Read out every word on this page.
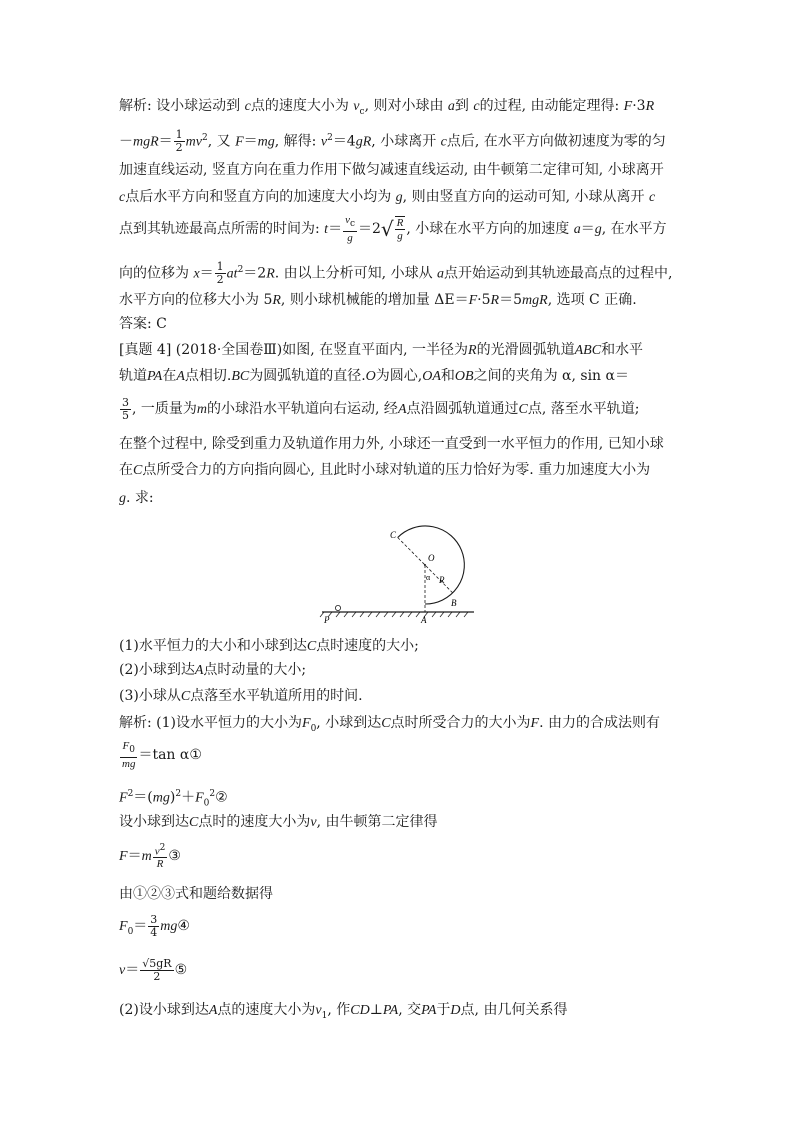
解析: 设小球运动到 c点的速度大小为 $v_c$, 则对小球由 a到 c的过程, 由动能定理得: F·3R
$-mgR= \frac{1}{2} mv^2$, 又 F＝mg, 解得: $v^2=4gR$, 小球离开 c点后, 在水平方向做初速度为零的匀
加速直线运动, 竖直方向在重力作用下做匀减速直线运动, 由牛顿第二定律可知, 小球离开
c点后水平方向和竖直方向的加速度大小均为 g, 则由竖直方向的运动可知, 小球从离开 c
点到其轨迹最高点所需的时间为: $t= \frac{v_c}{g} =2√ \frac{R}{g}$ , 小球在水平方向的加速度 a＝g, 在水平方
向的位移为 $x= \frac{1}{2} at^2=2R$. 由以上分析可知, 小球从 a点开始运动到其轨迹最高点的过程中,
水平方向的位移大小为 5R, 则小球机械能的增加量 ΔE＝F·5R＝5mgR, 选项 C 正确.
答案: C
[真题 4] (2018·全国卷Ⅲ)如图, 在竖直平面内, 一半径为R的光滑圆弧轨道ABC和水平
轨道PA在A点相切.BC为圆弧轨道的直径.O为圆心,OA和OB之间的夹角为 α, sin α＝
$\frac{3}{5}$ , 一质量为m的小球沿水平轨道向右运动, 经A点沿圆弧轨道通过C点, 落至水平轨道;
在整个过程中, 除受到重力及轨道作用力外, 小球还一直受到一水平恒力的作用, 已知小球
在C点所受合力的方向指向圆心, 且此时小球对轨道的压力恰好为零. 重力加速度大小为
g. 求:
C
O
α R
B
P	A
(1)水平恒力的大小和小球到达C点时速度的大小;
(2)小球到达A点时动量的大小;
(3)小球从C点落至水平轨道所用的时间.
解析: (1)设水平恒力的大小为$F_0$, 小球到达C点时所受合力的大小为F. 由力的合成法则有
$\frac{F_0}{mg} =\tan$ α①
$F^2=(mg)^2+F_0^2②$
设小球到达C点时的速度大小为v, 由牛顿第二定律得
$F=m \frac{v^2}{R}$ ③
由①②③式和题给数据得
$F_0= \frac{3}{4}$ mg④
$v= \frac{√5gR}{2}$ ⑤
(2)设小球到达A点的速度大小为$v_1$, 作CD⊥PA, 交PA于D点, 由几何关系得
